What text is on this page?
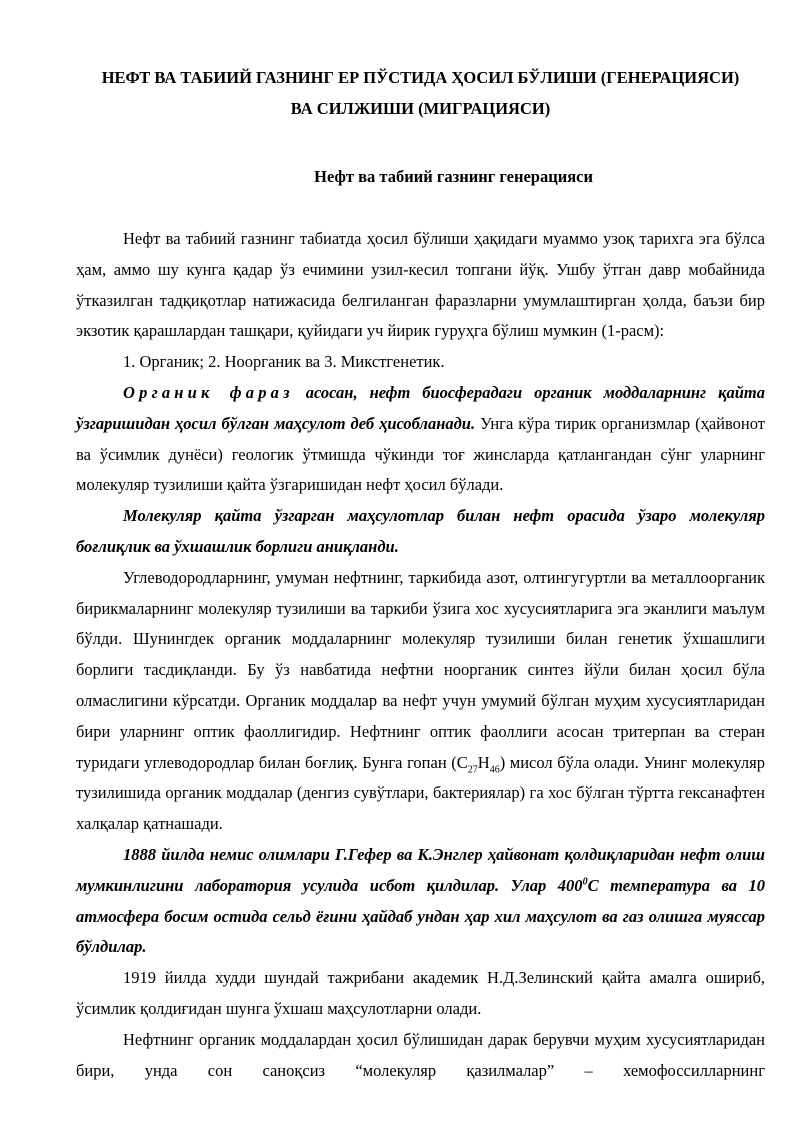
НЕФТ ВА ТАБИИЙ ГАЗНИНГ ЕР ПЎСТИДА ҲОСИЛ БЎЛИШИ (ГЕНЕРАЦИЯСИ)
ВА СИЛЖИШИ (МИГРАЦИЯСИ)
Нефт ва табиий газнинг генерацияси

Нефт ва табиий газнинг табиатда ҳосил бўлиши ҳақидаги муаммо узоқ тарихга эга бўлса ҳам, аммо шу кунга қадар ўз ечимини узил-кесил топгани йўқ. Ушбу ўтган давр мобайнида ўтказилган тадқиқотлар натижасида белгиланган фаразларни умумлаштирган ҳолда, баъзи бир экзотик қарашлардан ташқари, қуйидаги уч йирик гуруҳга бўлиш мумкин (1-расм):

1. Органик; 2. Ноорганик ва 3. Микстгенетик.

Органик фараз асосан, нефт биосферадаги органик моддаларнинг қайта ўзгаришидан ҳосил бўлган маҳсулот деб ҳисобланади. Унга кўра тирик организмлар (ҳайвонот ва ўсимлик дунёси) геологик ўтмишда чўкинди тоғ жинсларда қатлангандан сўнг уларнинг молекуляр тузилиши қайта ўзгаришидан нефт ҳосил бўлади.

Молекуляр қайта ўзгарган маҳсулотлар билан нефт орасида ўзаро молекуляр боғлиқлик ва ўхшашлик борлиги аниқланди.

Углеводородларнинг, умуман нефтнинг, таркибида азот, олтингугуртли ва металлоорганик бирикмаларнинг молекуляр тузилиши ва таркиби ўзига хос хусусиятларига эга эканлиги маълум бўлди. Шунингдек органик моддаларнинг молекуляр тузилиши билан генетик ўхшашлиги борлиги тасдиқланди. Бу ўз навбатида нефтни ноорганик синтез йўли билан ҳосил бўла олмаслигини кўрсатди. Органик моддалар ва нефт учун умумий бўлган муҳим хусусиятларидан бири уларнинг оптик фаоллигидир. Нефтнинг оптик фаоллиги асосан тритерпан ва стеран туридаги углеводородлар билан боғлиқ. Бунга гопан $(C_{27}H_{46})$ мисол бўла олади. Унинг молекуляр тузилишида органик моддалар (денгиз сувўтлари, бактериялар) га хос бўлган тўртта гексанафтен халқалар қатнашади.

1888 йилда немис олимлари Г.Гефер ва К.Энглер ҳайвонат қолдиқларидан нефт олиш мумкинлигини лаборатория усулида исбот қилдилар. Улар $400^0С$ температура ва 10 атмосфера босим остида сельд ёғини ҳайдаб ундан ҳар хил маҳсулот ва газ олишга муяссар бўлдилар.

1919 йилда худди шундай тажрибани академик Н.Д.Зелинский қайта амалга ошириб, ўсимлик қолдиғидан шунга ўхшаш маҳсулотларни олади.

Нефтнинг органик моддалардан ҳосил бўлишидан дарак берувчи муҳим хусусиятларидан бири, унда сон саноқсиз “молекуляр қазилмалар” – хемофоссилларнинг
